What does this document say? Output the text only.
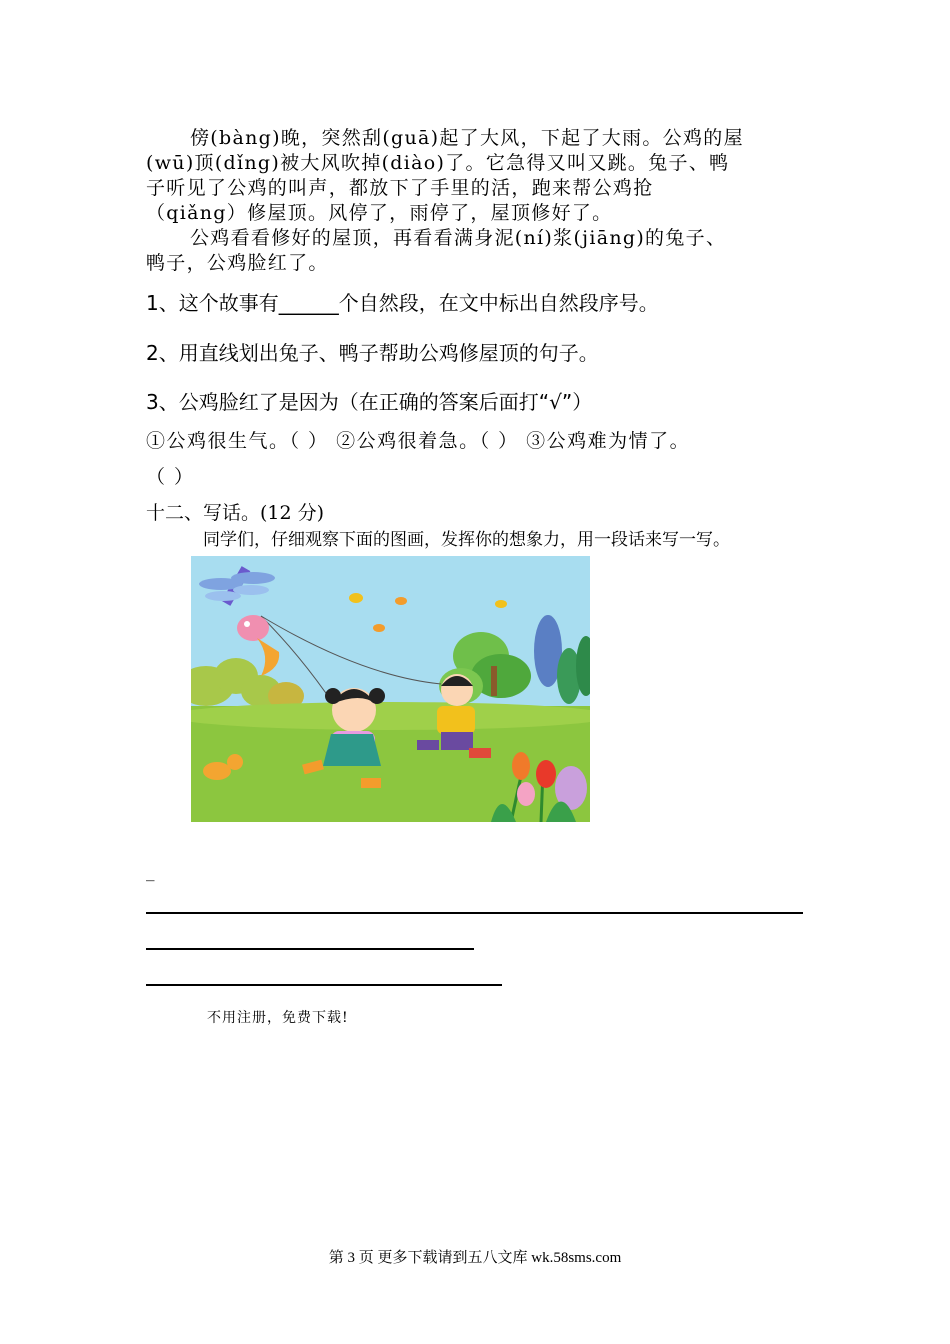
傍(bàng)晚，突然刮(guā)起了大风，下起了大雨。公鸡的屋
(wū)顶(dǐng)被大风吹掉(diào)了。它急得又叫又跳。兔子、鸭
子听见了公鸡的叫声，都放下了手里的活，跑来帮公鸡抢
（qiǎng）修屋顶。风停了，雨停了，屋顶修好了。
公鸡看看修好的屋顶，再看看满身泥(ní)浆(jiāng)的兔子、
鸭子，公鸡脸红了。
1、这个故事有______个自然段，在文中标出自然段序号。
2、用直线划出兔子、鸭子帮助公鸡修屋顶的句子。
3、公鸡脸红了是因为（在正确的答案后面打“√”）
①公鸡很生气。（ ） ②公鸡很着急。（ ） ③公鸡难为情了。
（ ）
十二、写话。(12 分)
同学们，仔细观察下面的图画，发挥你的想象力，用一段话来写一写。
_
不用注册，免费下载!
第 3 页 更多下载请到五八文库 wk.58sms.com
